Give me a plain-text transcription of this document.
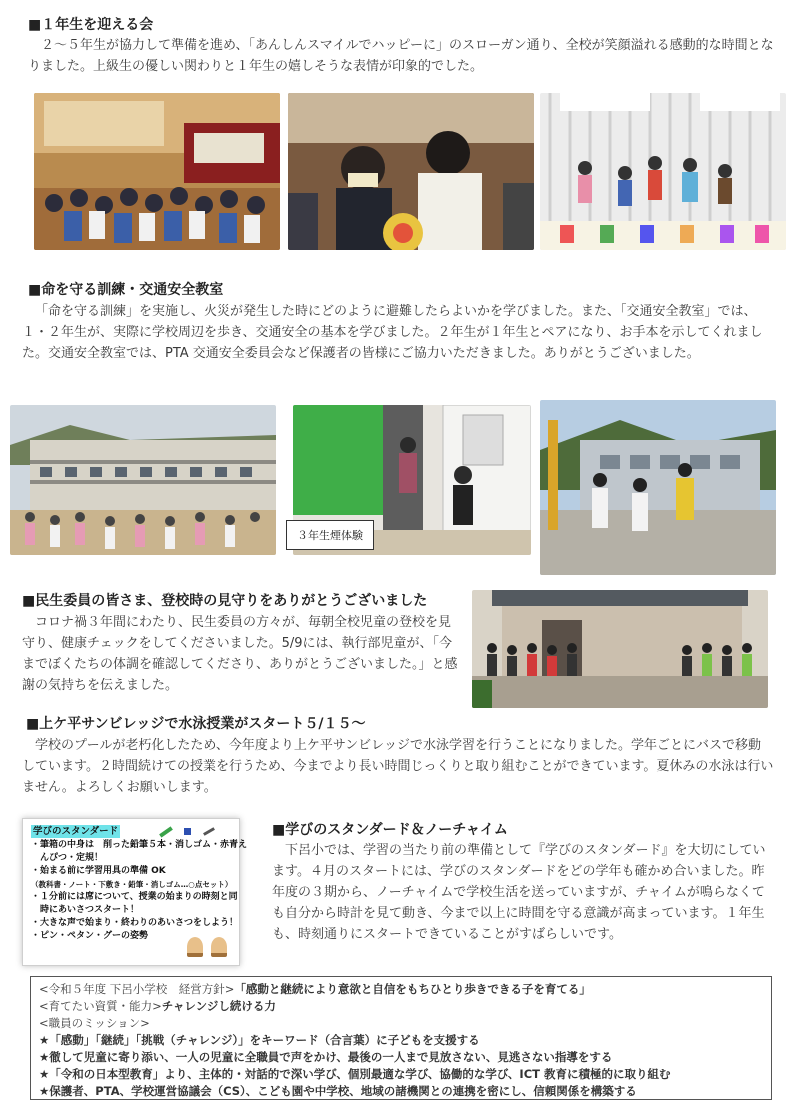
■１年生を迎える会
２～５年生が協力して準備を進め、「あんしんスマイルでハッピーに」のスローガン通り、全校が笑顔溢れる感動的な時間となりました。上級生の優しい関わりと１年生の嬉しそうな表情が印象的でした。
■命を守る訓練・交通安全教室
「命を守る訓練」を実施し、火災が発生した時にどのように避難したらよいかを学びました。また、「交通安全教室」では、１・２年生が、実際に学校周辺を歩き、交通安全の基本を学びました。２年生が１年生とペアになり、お手本を示してくれました。交通安全教室では、PTA 交通安全委員会など保護者の皆様にご協力いただきました。ありがとうございました。
３年生煙体験
■民生委員の皆さま、登校時の見守りをありがとうございました
コロナ禍３年間にわたり、民生委員の方々が、毎朝全校児童の登校を見守り、健康チェックをしてくださいました。5/9には、執行部児童が、「今までぼくたちの体調を確認してくださり、ありがとうございました。」と感謝の気持ちを伝えました。
■上ケ平サンビレッジで水泳授業がスタート５/１５～
学校のプールが老朽化したため、今年度より上ケ平サンビレッジで水泳学習を行うことになりました。学年ごとにバスで移動しています。２時間続けての授業を行うため、今までより長い時間じっくりと取り組むことができています。夏休みの水泳は行いません。よろしくお願いします。
学びのスタンダード
・筆箱の中身は　削った鉛筆５本・消しゴム・赤青え
　んぴつ・定規！
・始まる前に学習用具の準備 OK
（教科書・ノート・下敷き・鉛筆・消しゴム…○点セット）
・１分前には席について、授業の始まりの時刻と同
　時にあいさつスタート！
・大きな声で始まり・終わりのあいさつをしよう！
・ピン・ペタン・グーの姿勢
■学びのスタンダード＆ノーチャイム
下呂小では、学習の当たり前の準備として『学びのスタンダード』を大切にしています。４月のスタートには、学びのスタンダードをどの学年も確かめ合いました。昨年度の３期から、ノーチャイムで学校生活を送っていますが、チャイムが鳴らなくても自分から時計を見て動き、今まで以上に時間を守る意識が高まっています。１年生も、時刻通りにスタートできていることがすばらしいです。
<令和５年度 下呂小学校　経営方針>「感動と継続により意欲と自信をもちひとり歩きできる子を育てる」
<育てたい資質・能力>チャレンジし続ける力
<職員のミッション>
★「感動」「継続」「挑戦（チャレンジ）」をキーワード（合言葉）に子どもを支援する
★徹して児童に寄り添い、一人の児童に全職員で声をかけ、最後の一人まで見放さない、見逃さない指導をする
★「令和の日本型教育」より、主体的・対話的で深い学び、個別最適な学び、協働的な学び、ICT 教育に積極的に取り組む
★保護者、PTA、学校運営協議会（CS）、こども園や中学校、地域の諸機関との連携を密にし、信頼関係を構築する
